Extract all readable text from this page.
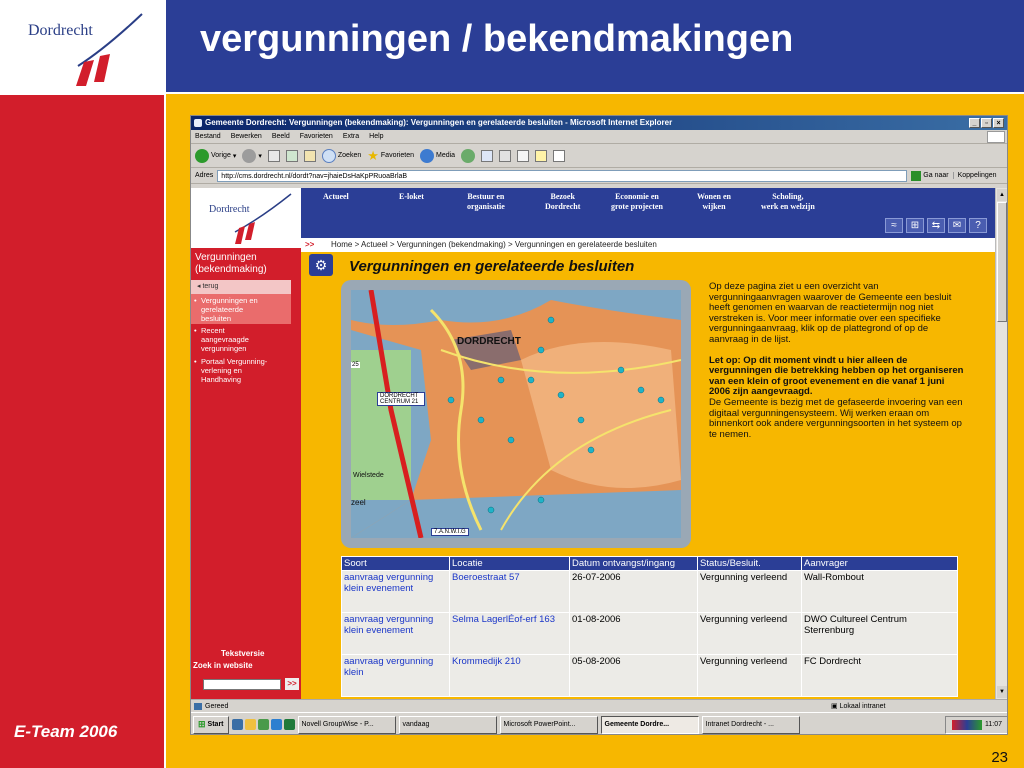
Dordrecht	vergunningen / bekendmakingen
E-Team 2006
23
Gemeente Dordrecht: Vergunningen (bekendmaking): Vergunningen en gerelateerde besluiten - Microsoft Internet Explorer	_	▫	×
Bestand Bewerken Beeld Favorieten Extra Help
Vorige ▾	▾	Zoeken ★ Favorieten	Media
Adres	http://cms.dordrecht.nl/dordt?nav=jhaieDsHaKpPRuoaBrlaB	Ga naar	Koppelingen
Dordrecht
Actueel	E-loket	Bestuur en
organisatie
Bezoek
Dordrecht
Economie en
grote projecten
Wonen en
wijken
Scholing,
werk en welzijn
≈	⊞	⇆	✉	?
>> Home > Actueel > Vergunningen (bekendmaking) > Vergunningen en gerelateerde besluiten
Vergunningen
(bekendmaking)
◂ terug
• Vergunningen en
gerelateerde
besluiten
• Recent
aangevraagde
vergunningen
• Portaal Vergunning-
verlening en
Handhaving
Tekstversie
Zoek in website
>>
⚙	Vergunningen en gerelateerde besluiten
DORDRECHT
DORDRECHT CENTRUM 21
Wielstede
zeel
7.A.N.W.I.G
25

Op deze pagina ziet u een overzicht van vergunningaanvragen waarover de Gemeente een besluit heeft genomen en waarvan de reactietermijn nog niet verstreken is. Voor meer informatie over een specifieke vergunningaanvraag, klik op de plattegrond of op de aanvraag in de lijst.

Let op: Op dit moment vindt u hier alleen de vergunningen die betrekking hebben op het organiseren van een klein of groot evenement en die vanaf 1 juni 2006 zijn aangevraagd.
De Gemeente is bezig met de gefaseerde invoering van een digitaal vergunningensysteem. Wij werken eraan om binnenkort ook andere vergunningsoorten in het systeem op te nemen.

Soort	Locatie	Datum ontvangst/ingang	Status/Besluit.	Aanvrager
aanvraag vergunning klein evenement	Boeroestraat 57	26-07-2006	Vergunning verleend	Wall-Rombout
aanvraag vergunning klein evenement	Selma LagerlÉof-erf 163	01-08-2006	Vergunning verleend	DWO Cultureel Centrum Sterrenburg
aanvraag vergunning klein	Krommedijk 210	05-08-2006	Vergunning verleend	FC Dordrecht
▲
▼
Gereed	▣ Lokaal intranet
⊞ Start	Novell GroupWise - P...	vandaag	Microsoft PowerPoint...	Gemeente Dordre...	Intranet Dordrecht - ...	11:07
